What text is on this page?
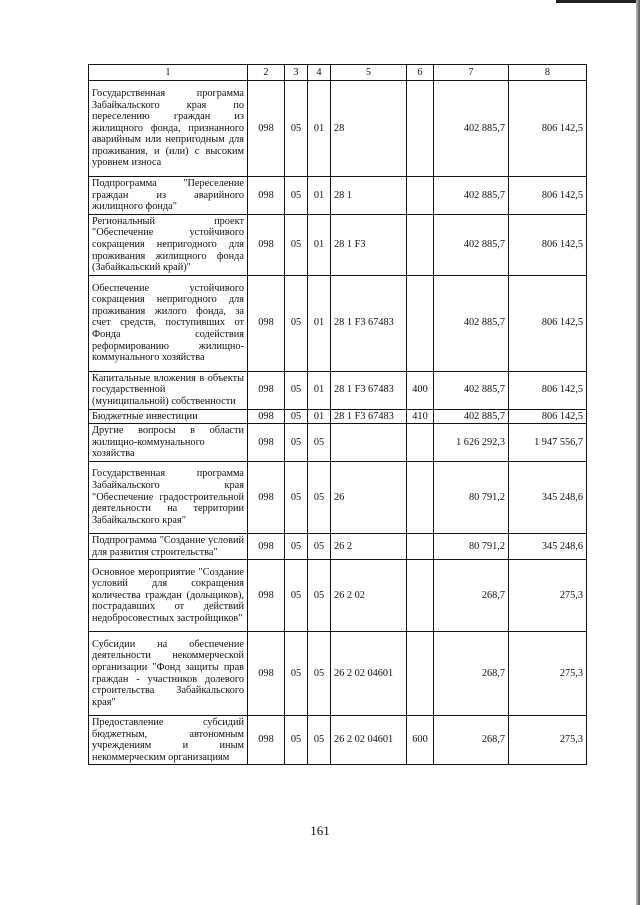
1	2	3	4	5	6	7	8
Государственная программа Забайкальского края по переселению граждан из жилищного фонда, признанного аварийным или непригодным для проживания, и (или) с высоким уровнем износа	098	05	01	28		402 885,7	806 142,5
Подпрограмма "Переселение граждан из аварийного жилищного фонда"	098	05	01	28 1		402 885,7	806 142,5
Региональный проект "Обеспечение устойчивого сокращения непригодного для проживания жилищного фонда (Забайкальский край)"	098	05	01	28 1 F3		402 885,7	806 142,5
Обеспечение устойчивого сокращения непригодного для проживания жилого фонда, за счет средств, поступивших от Фонда содействия реформированию жилищно-коммунального хозяйства	098	05	01	28 1 F3 67483		402 885,7	806 142,5
Капитальные вложения в объекты государственной (муниципальной) собственности	098	05	01	28 1 F3 67483	400	402 885,7	806 142,5
Бюджетные инвестиции	098	05	01	28 1 F3 67483	410	402 885,7	806 142,5
Другие вопросы в области жилищно-коммунального хозяйства	098	05	05			1 626 292,3	1 947 556,7
Государственная программа Забайкальского края "Обеспечение градостроительной деятельности на территории Забайкальского края"	098	05	05	26		80 791,2	345 248,6
Подпрограмма "Создание условий для развития строительства"	098	05	05	26 2		80 791,2	345 248,6
Основное мероприятие "Создание условий для сокращения количества граждан (дольщиков), пострадавших от действий недобросовестных застройщиков"	098	05	05	26 2 02		268,7	275,3
Субсидии на обеспечение деятельности некоммерческой организации "Фонд защиты прав граждан - участников долевого строительства Забайкальского края"	098	05	05	26 2 02 04601		268,7	275,3
Предоставление субсидий бюджетным, автономным учреждениям и иным некоммерческим организациям	098	05	05	26 2 02 04601	600	268,7	275,3
161
